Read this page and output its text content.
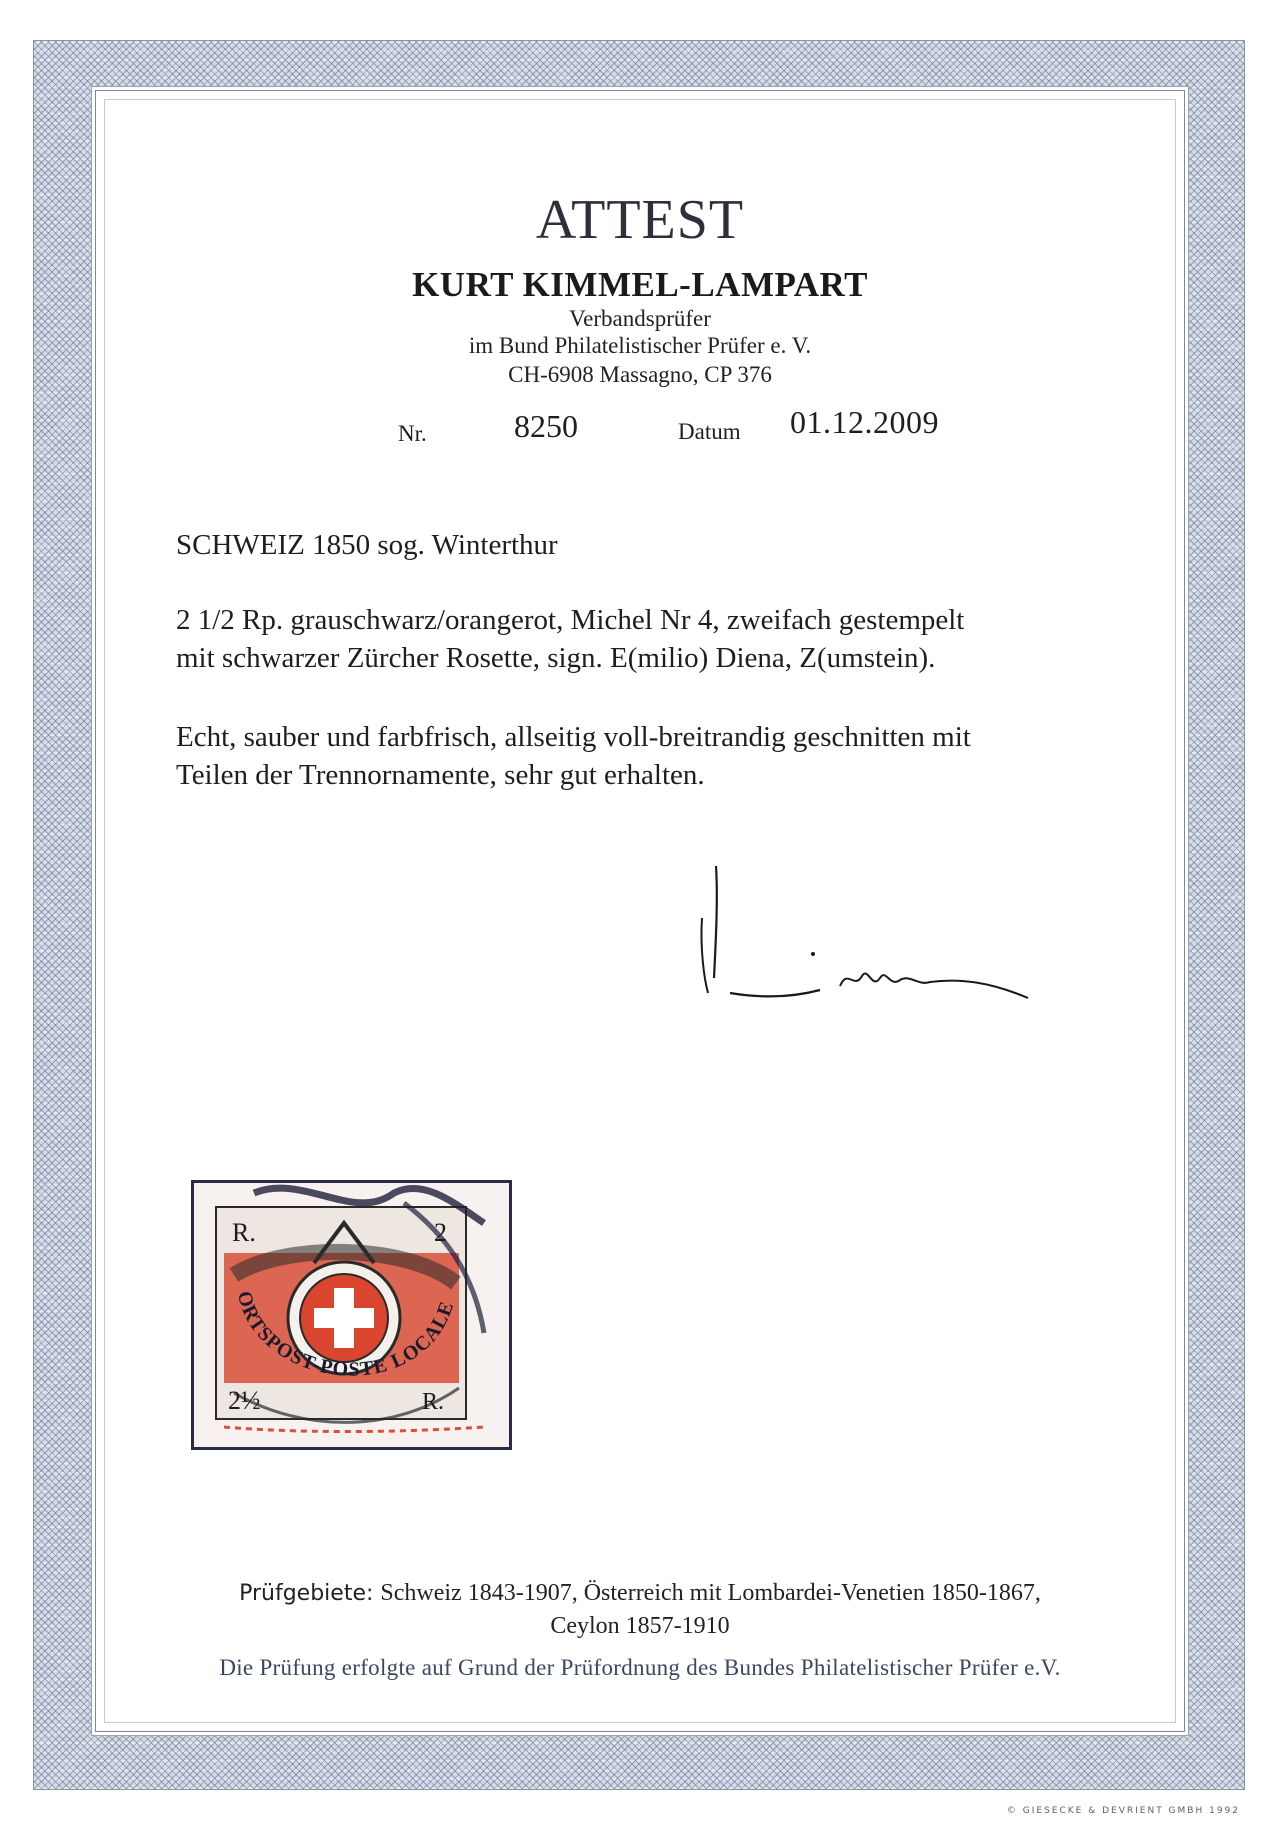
ATTEST
KURT KIMMEL-LAMPART
Verbandsprüfer
im Bund Philatelistischer Prüfer e. V.
CH-6908 Massagno, CP 376
Nr.	8250	Datum 01.12.2009
SCHWEIZ 1850 sog. Winterthur
2 1/2 Rp. grauschwarz/orangerot, Michel Nr 4, zweifach gestempelt
mit schwarzer Zürcher Rosette, sign. E(milio) Diena, Z(umstein).
Echt, sauber und farbfrisch, allseitig voll-breitrandig geschnitten mit
Teilen der Trennornamente, sehr gut erhalten.
R.	2
2½	R.
ORTSPOST-POSTE LOCALE
Prüfgebiete: Schweiz 1843-1907, Österreich mit Lombardei-Venetien 1850-1867,
Ceylon 1857-1910
Die Prüfung erfolgte auf Grund der Prüfordnung des Bundes Philatelistischer Prüfer e.V.
© GIESECKE & DEVRIENT GMBH 1992
